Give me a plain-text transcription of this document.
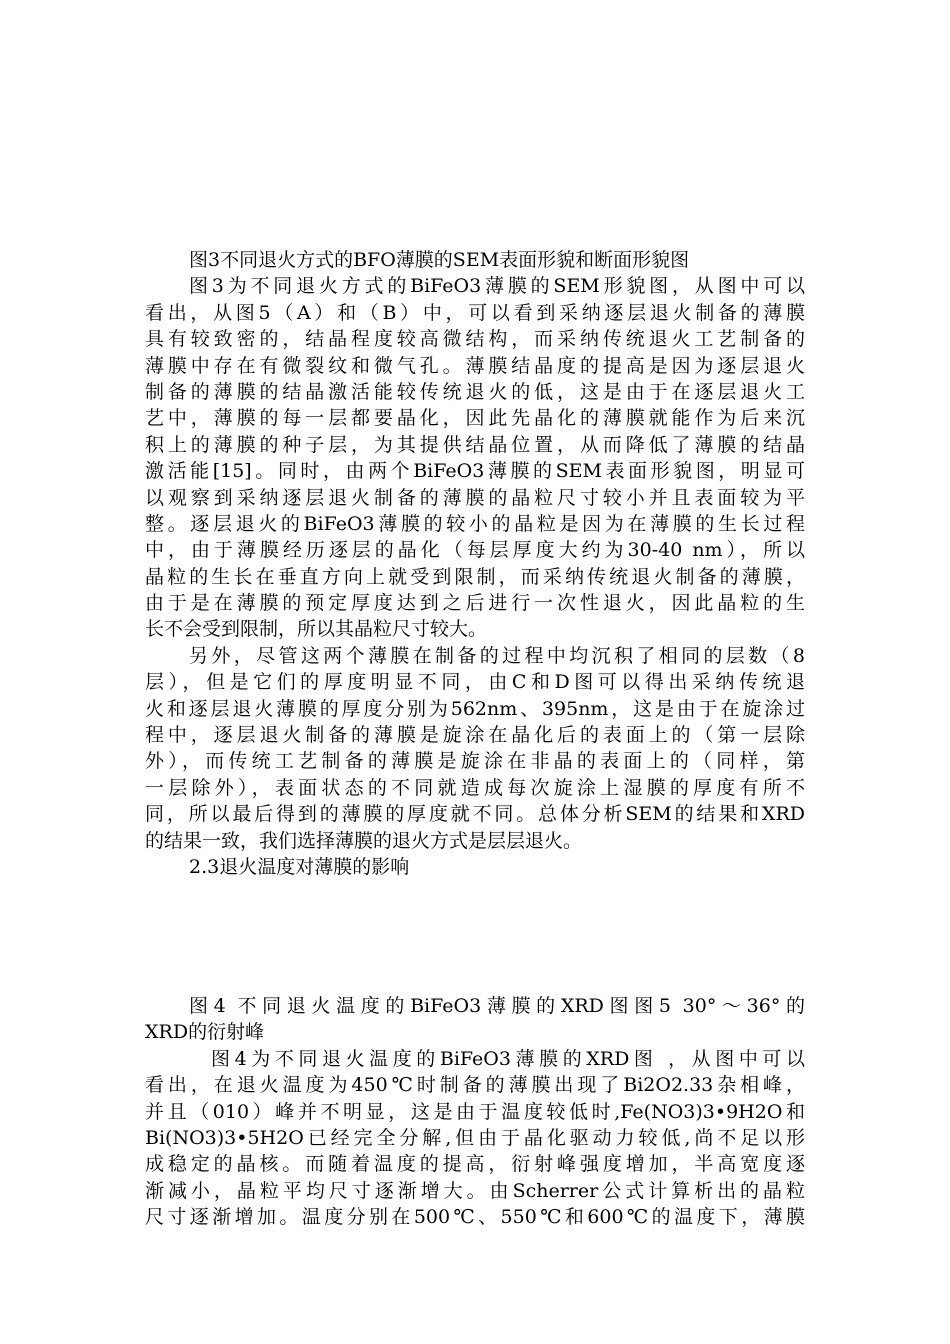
图3不同退火方式的BFO薄膜的SEM表面形貌和断面形貌图
图3为不同退火方式的BiFeO3薄膜的SEM形貌图，从图中可以
看出，从图5（A）和（B）中，可以看到采纳逐层退火制备的薄膜
具有较致密的，结晶程度较高微结构，而采纳传统退火工艺制备的
薄膜中存在有微裂纹和微气孔。薄膜结晶度的提高是因为逐层退火
制备的薄膜的结晶激活能较传统退火的低，这是由于在逐层退火工
艺中，薄膜的每一层都要晶化，因此先晶化的薄膜就能作为后来沉
积上的薄膜的种子层，为其提供结晶位置，从而降低了薄膜的结晶
激活能[15]。同时，由两个BiFeO3薄膜的SEM表面形貌图，明显可
以观察到采纳逐层退火制备的薄膜的晶粒尺寸较小并且表面较为平
整。逐层退火的BiFeO3薄膜的较小的晶粒是因为在薄膜的生长过程
中，由于薄膜经历逐层的晶化（每层厚度大约为30-40 nm），所以
晶粒的生长在垂直方向上就受到限制，而采纳传统退火制备的薄膜，
由于是在薄膜的预定厚度达到之后进行一次性退火，因此晶粒的生
长不会受到限制，所以其晶粒尺寸较大。
另外，尽管这两个薄膜在制备的过程中均沉积了相同的层数（8
层），但是它们的厚度明显不同，由C和D图可以得出采纳传统退
火和逐层退火薄膜的厚度分别为562nm、395nm，这是由于在旋涂过
程中，逐层退火制备的薄膜是旋涂在晶化后的表面上的（第一层除
外），而传统工艺制备的薄膜是旋涂在非晶的表面上的（同样，第
一层除外），表面状态的不同就造成每次旋涂上湿膜的厚度有所不
同，所以最后得到的薄膜的厚度就不同。总体分析SEM的结果和XRD
的结果一致，我们选择薄膜的退火方式是层层退火。
2.3退火温度对薄膜的影响
图4 不同退火温度的BiFeO3薄膜的XRD图图5 30°～36°的
XRD的衍射峰
图4为不同退火温度的BiFeO3薄膜的XRD图 ，从图中可以
看出，在退火温度为450℃时制备的薄膜出现了Bi2O2.33杂相峰，
并且（010）峰并不明显，这是由于温度较低时,Fe(NO3)3•9H2O和
Bi(NO3)3•5H2O已经完全分解,但由于晶化驱动力较低,尚不足以形
成稳定的晶核。而随着温度的提高，衍射峰强度增加，半高宽度逐
渐减小，晶粒平均尺寸逐渐增大。由Scherrer公式计算析出的晶粒
尺寸逐渐增加。温度分别在500℃、550℃和600℃的温度下，薄膜
